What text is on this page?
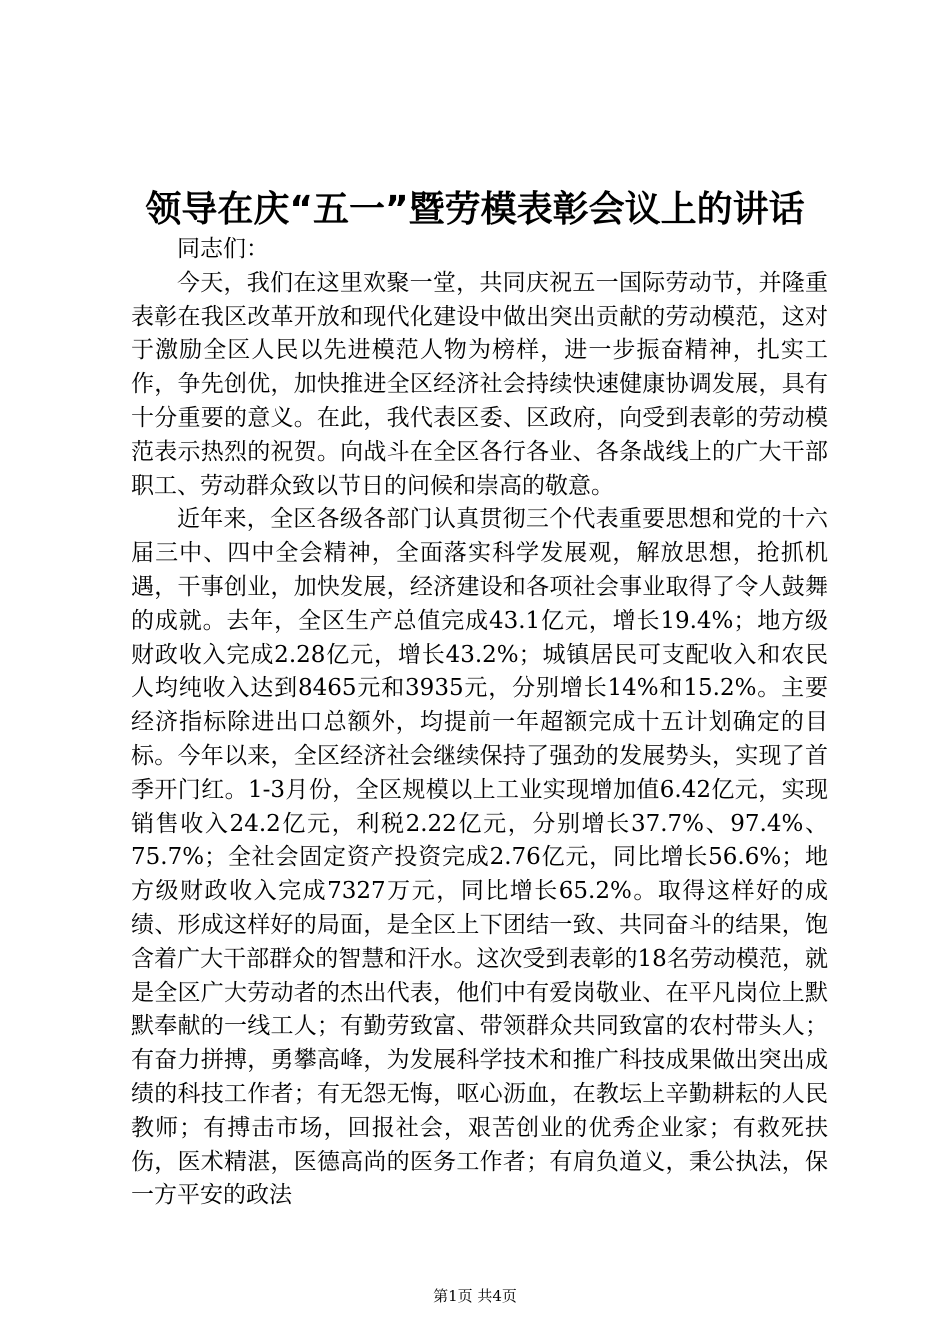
领导在庆“五一”暨劳模表彰会议上的讲话

同志们：

今天，我们在这里欢聚一堂，共同庆祝五一国际劳动节，并隆重表彰在我区改革开放和现代化建设中做出突出贡献的劳动模范，这对于激励全区人民以先进模范人物为榜样，进一步振奋精神，扎实工作，争先创优，加快推进全区经济社会持续快速健康协调发展，具有十分重要的意义。在此，我代表区委、区政府，向受到表彰的劳动模范表示热烈的祝贺。向战斗在全区各行各业、各条战线上的广大干部职工、劳动群众致以节日的问候和崇高的敬意。

近年来，全区各级各部门认真贯彻三个代表重要思想和党的十六届三中、四中全会精神，全面落实科学发展观，解放思想，抢抓机遇，干事创业，加快发展，经济建设和各项社会事业取得了令人鼓舞的成就。去年，全区生产总值完成43.1亿元，增长19.4%；地方级财政收入完成2.28亿元，增长43.2%；城镇居民可支配收入和农民人均纯收入达到8465元和3935元，分别增长14%和15.2%。主要经济指标除进出口总额外，均提前一年超额完成十五计划确定的目标。今年以来，全区经济社会继续保持了强劲的发展势头，实现了首季开门红。1-3月份，全区规模以上工业实现增加值6.42亿元，实现销售收入24.2亿元，利税2.22亿元，分别增长37.7%、97.4%、75.7%；全社会固定资产投资完成2.76亿元，同比增长56.6%；地方级财政收入完成7327万元，同比增长65.2%。取得这样好的成绩、形成这样好的局面，是全区上下团结一致、共同奋斗的结果，饱含着广大干部群众的智慧和汗水。这次受到表彰的18名劳动模范，就是全区广大劳动者的杰出代表，他们中有爱岗敬业、在平凡岗位上默默奉献的一线工人；有勤劳致富、带领群众共同致富的农村带头人；有奋力拼搏，勇攀高峰，为发展科学技术和推广科技成果做出突出成绩的科技工作者；有无怨无悔，呕心沥血，在教坛上辛勤耕耘的人民教师；有搏击市场，回报社会，艰苦创业的优秀企业家；有救死扶伤，医术精湛，医德高尚的医务工作者；有肩负道义，秉公执法，保一方平安的政法

第1页 共4页
